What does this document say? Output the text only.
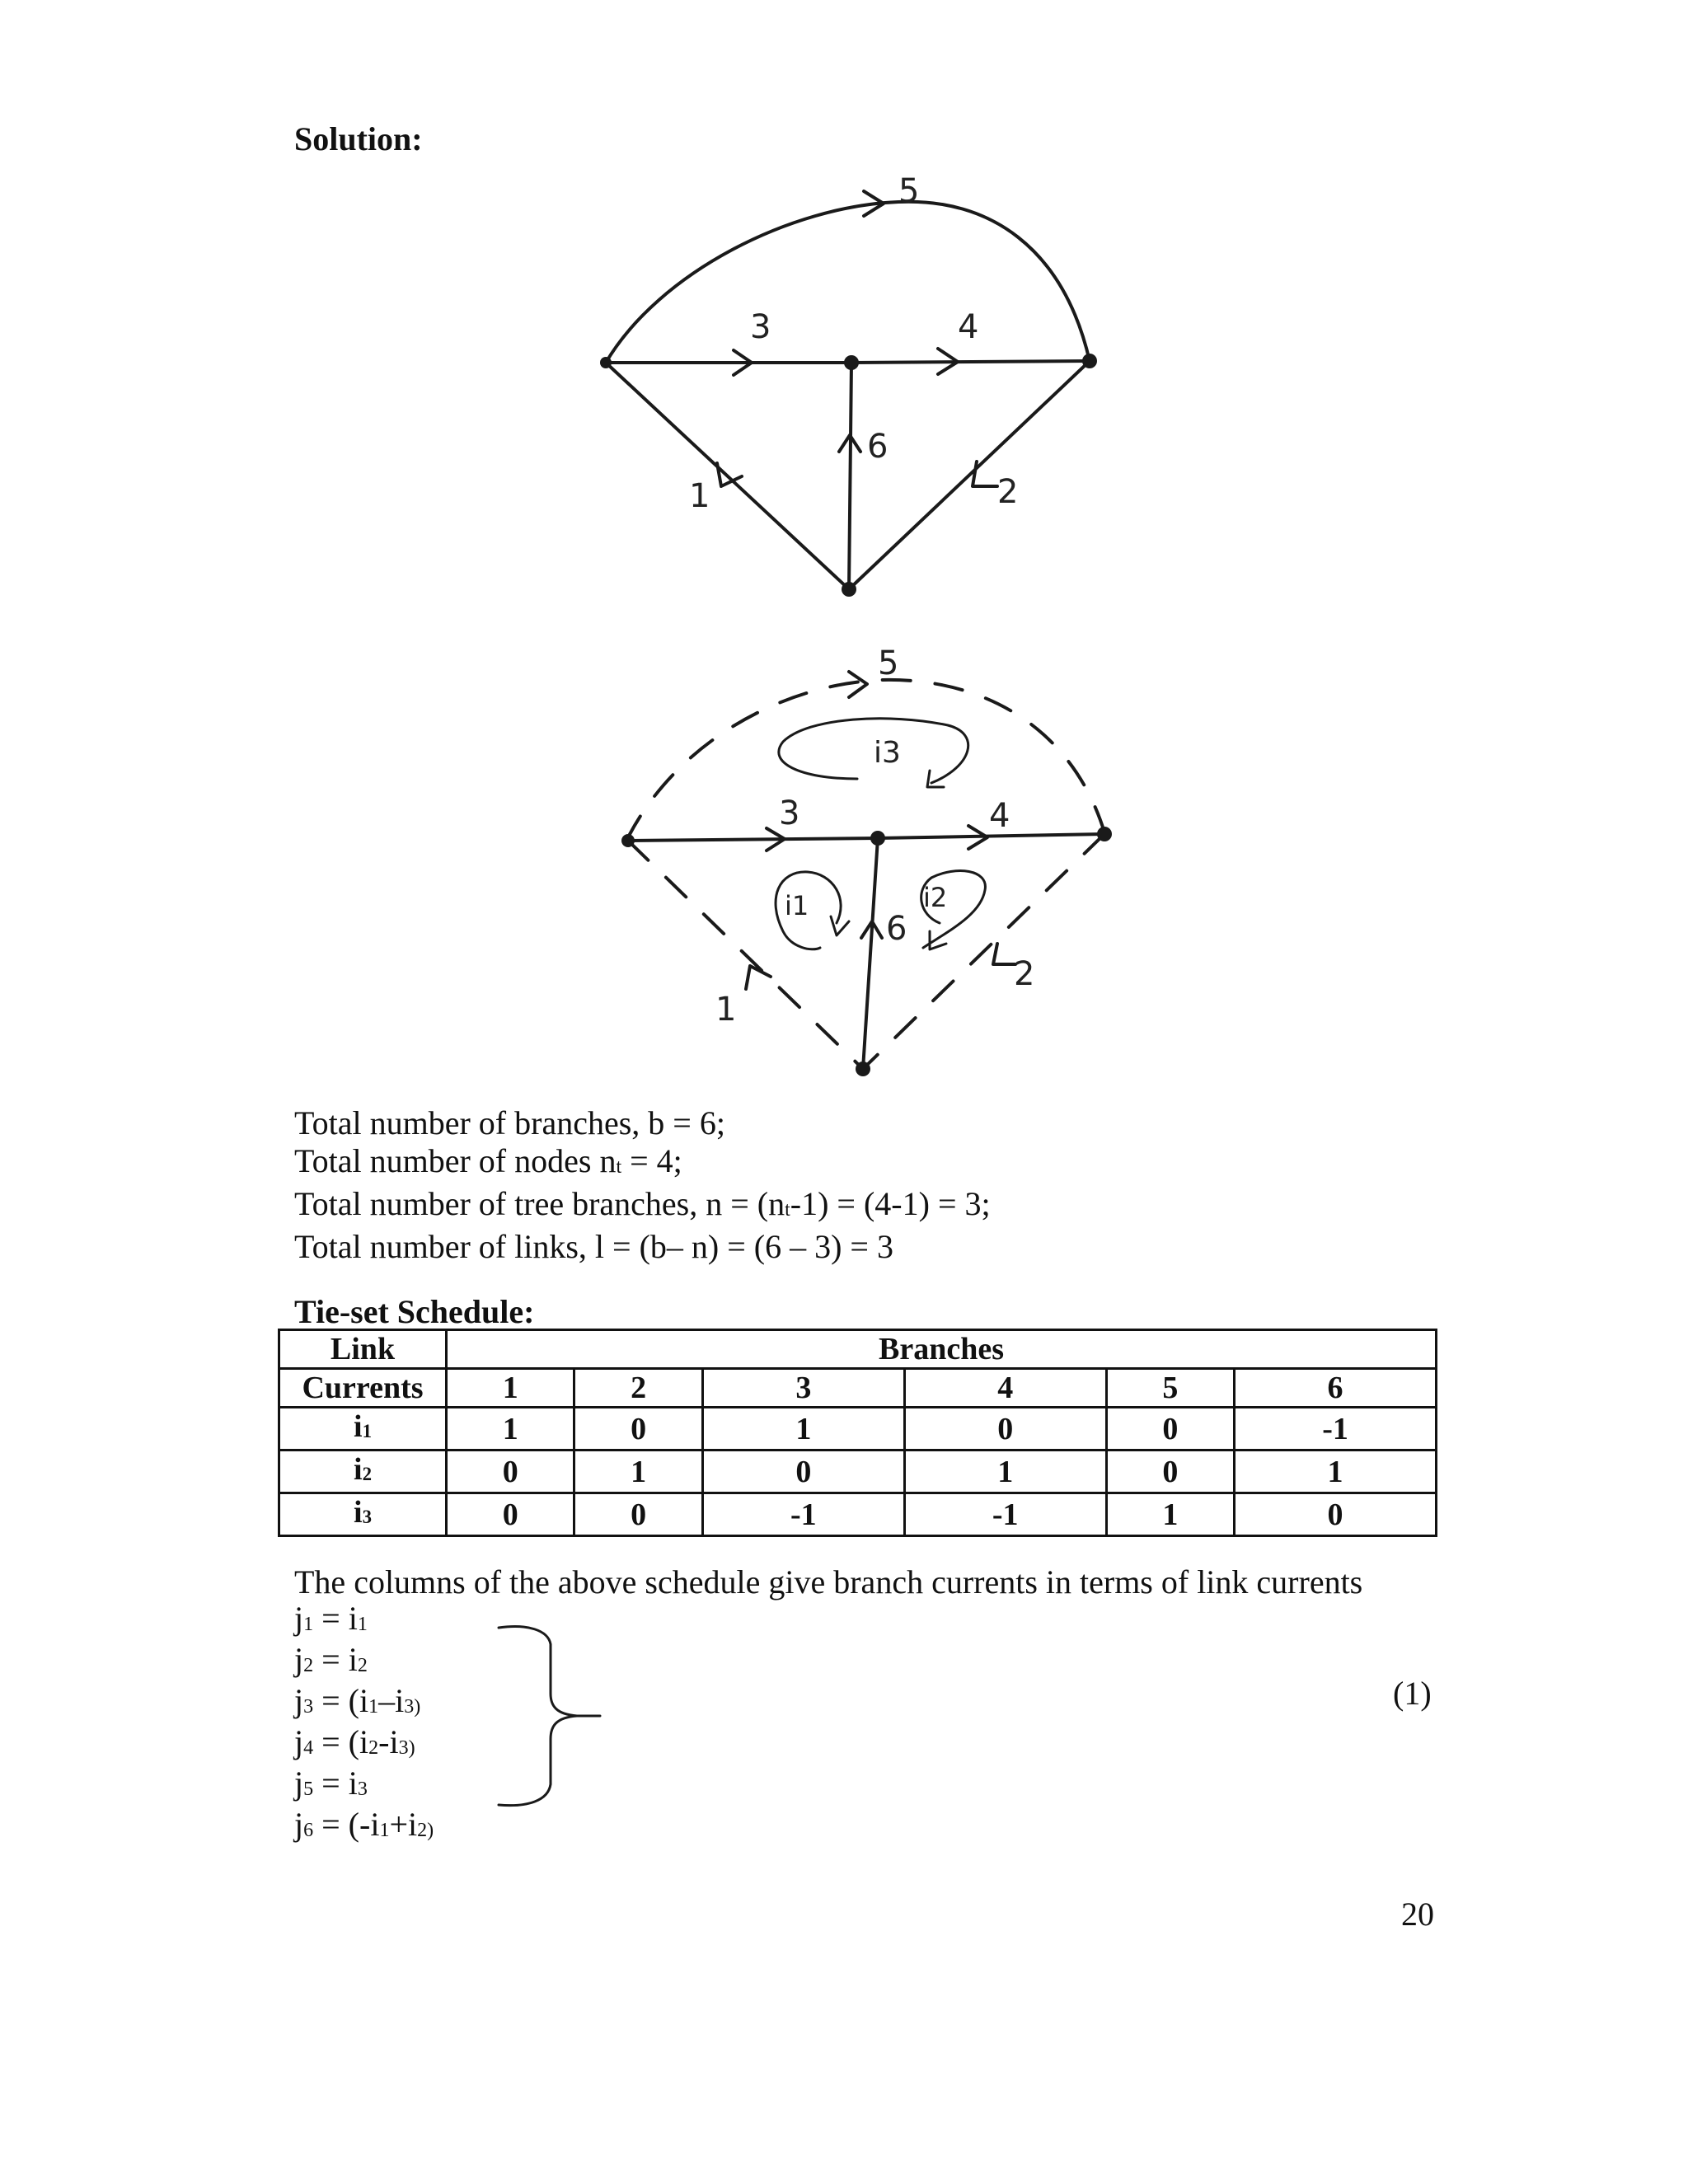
Solution:
5
3	4
6
1	2
5
3	4
6
1
2
i1	i2
i3
Total number of branches, b = 6;
Total number of nodes nt = 4;
Total number of tree branches, n = (nt-1) = (4-1) = 3;
Total number of links, l = (b– n) = (6 – 3) = 3
Tie-set Schedule:
Link	Branches					
Currents	1	2	3	4	5	6
i1	1	0	1	0	0	-1
i2	0	1	0	1	0	1
i3	0	0	-1	-1	1	0
The columns of the above schedule give branch currents in terms of link currents
j1 = i1
j2 = i2
j3 = (i1–i3)
j4 = (i2-i3)
j5 = i3
j6 = (-i1+i2)
(1)
20
